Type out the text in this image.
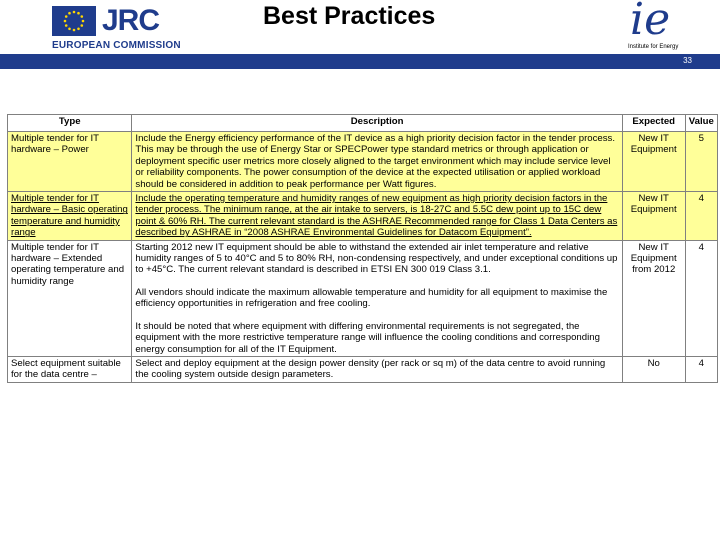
JRC
EUROPEAN COMMISSION
Best Practices	ie
Institute for Energy
33
Type	Description	Expected	Value
Multiple tender for IT hardware – Power	Include the Energy efficiency performance of the IT device as a high priority decision factor in the tender process. This may be through the use of Energy Star or SPECPower type standard metrics or through application or deployment specific user metrics more closely aligned to the target environment which may include service level or reliability components. The power consumption of the device at the expected utilisation or applied workload should be considered in addition to peak performance per Watt figures.	New IT Equipment	5
Multiple tender for IT hardware – Basic operating temperature and humidity range	Include the operating temperature and humidity ranges of new equipment as high priority decision factors in the tender process. The minimum range, at the air intake to servers, is 18-27C and 5.5C dew point up to 15C dew point & 60% RH. The current relevant standard is the ASHRAE Recommended range for Class 1 Data Centers as described by ASHRAE in “2008 ASHRAE Environmental Guidelines for Datacom Equipment”.	New IT Equipment	4
Multiple tender for IT hardware – Extended operating temperature and humidity range	Starting 2012 new IT equipment should be able to withstand the extended air inlet temperature and relative humidity ranges of 5 to 40°C and 5 to 80% RH, non-condensing respectively, and under exceptional conditions up to +45°C. The current relevant standard is described in ETSI EN 300 019 Class 3.1.

All vendors should indicate the maximum allowable temperature and humidity for all equipment to maximise the efficiency opportunities in refrigeration and free cooling.

It should be noted that where equipment with differing environmental requirements is not segregated, the equipment with the more restrictive temperature range will influence the cooling conditions and corresponding energy consumption for all of the IT Equipment.	New IT Equipment from 2012	4
Select equipment suitable for the data centre –	Select and deploy equipment at the design power density (per rack or sq m) of the data centre to avoid running the cooling system outside design parameters.	No	4
